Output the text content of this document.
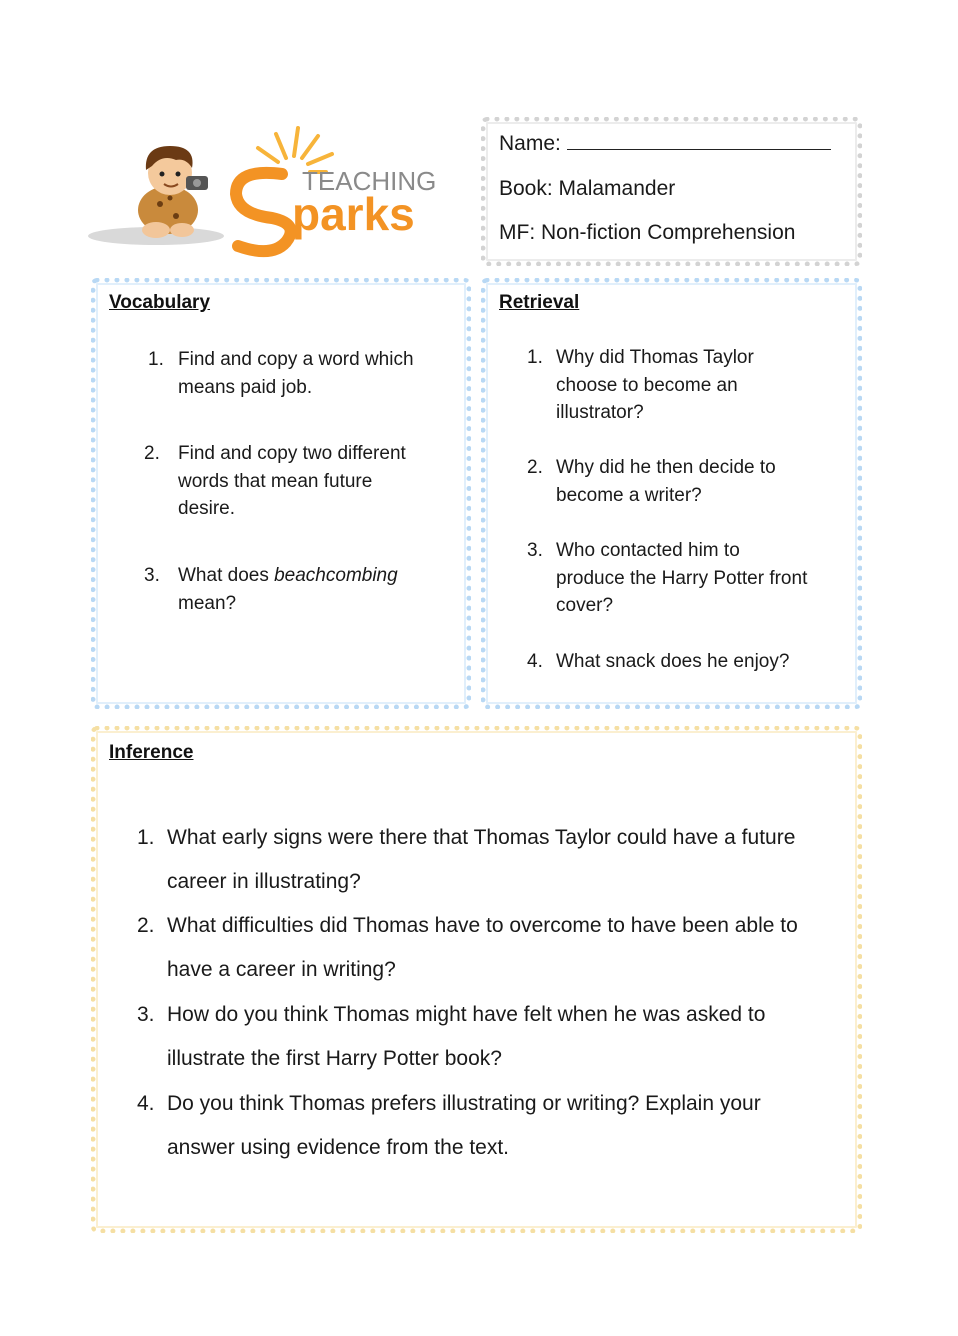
TEACHING
parks
Name:
Book: Malamander
MF: Non-fiction Comprehension
Vocabulary
1. Find and copy a word which
means paid job.
2. Find and copy two different
words that mean future
desire.
3. What does beachcombing
mean?
Retrieval
1. Why did Thomas Taylor
choose to become an
illustrator?
2. Why did he then decide to
become a writer?
3. Who contacted him to
produce the Harry Potter front
cover?
4. What snack does he enjoy?
Inference
1. What early signs were there that Thomas Taylor could have a future
career in illustrating?
2. What difficulties did Thomas have to overcome to have been able to
have a career in writing?
3. How do you think Thomas might have felt when he was asked to
illustrate the first Harry Potter book?
4. Do you think Thomas prefers illustrating or writing? Explain your
answer using evidence from the text.
